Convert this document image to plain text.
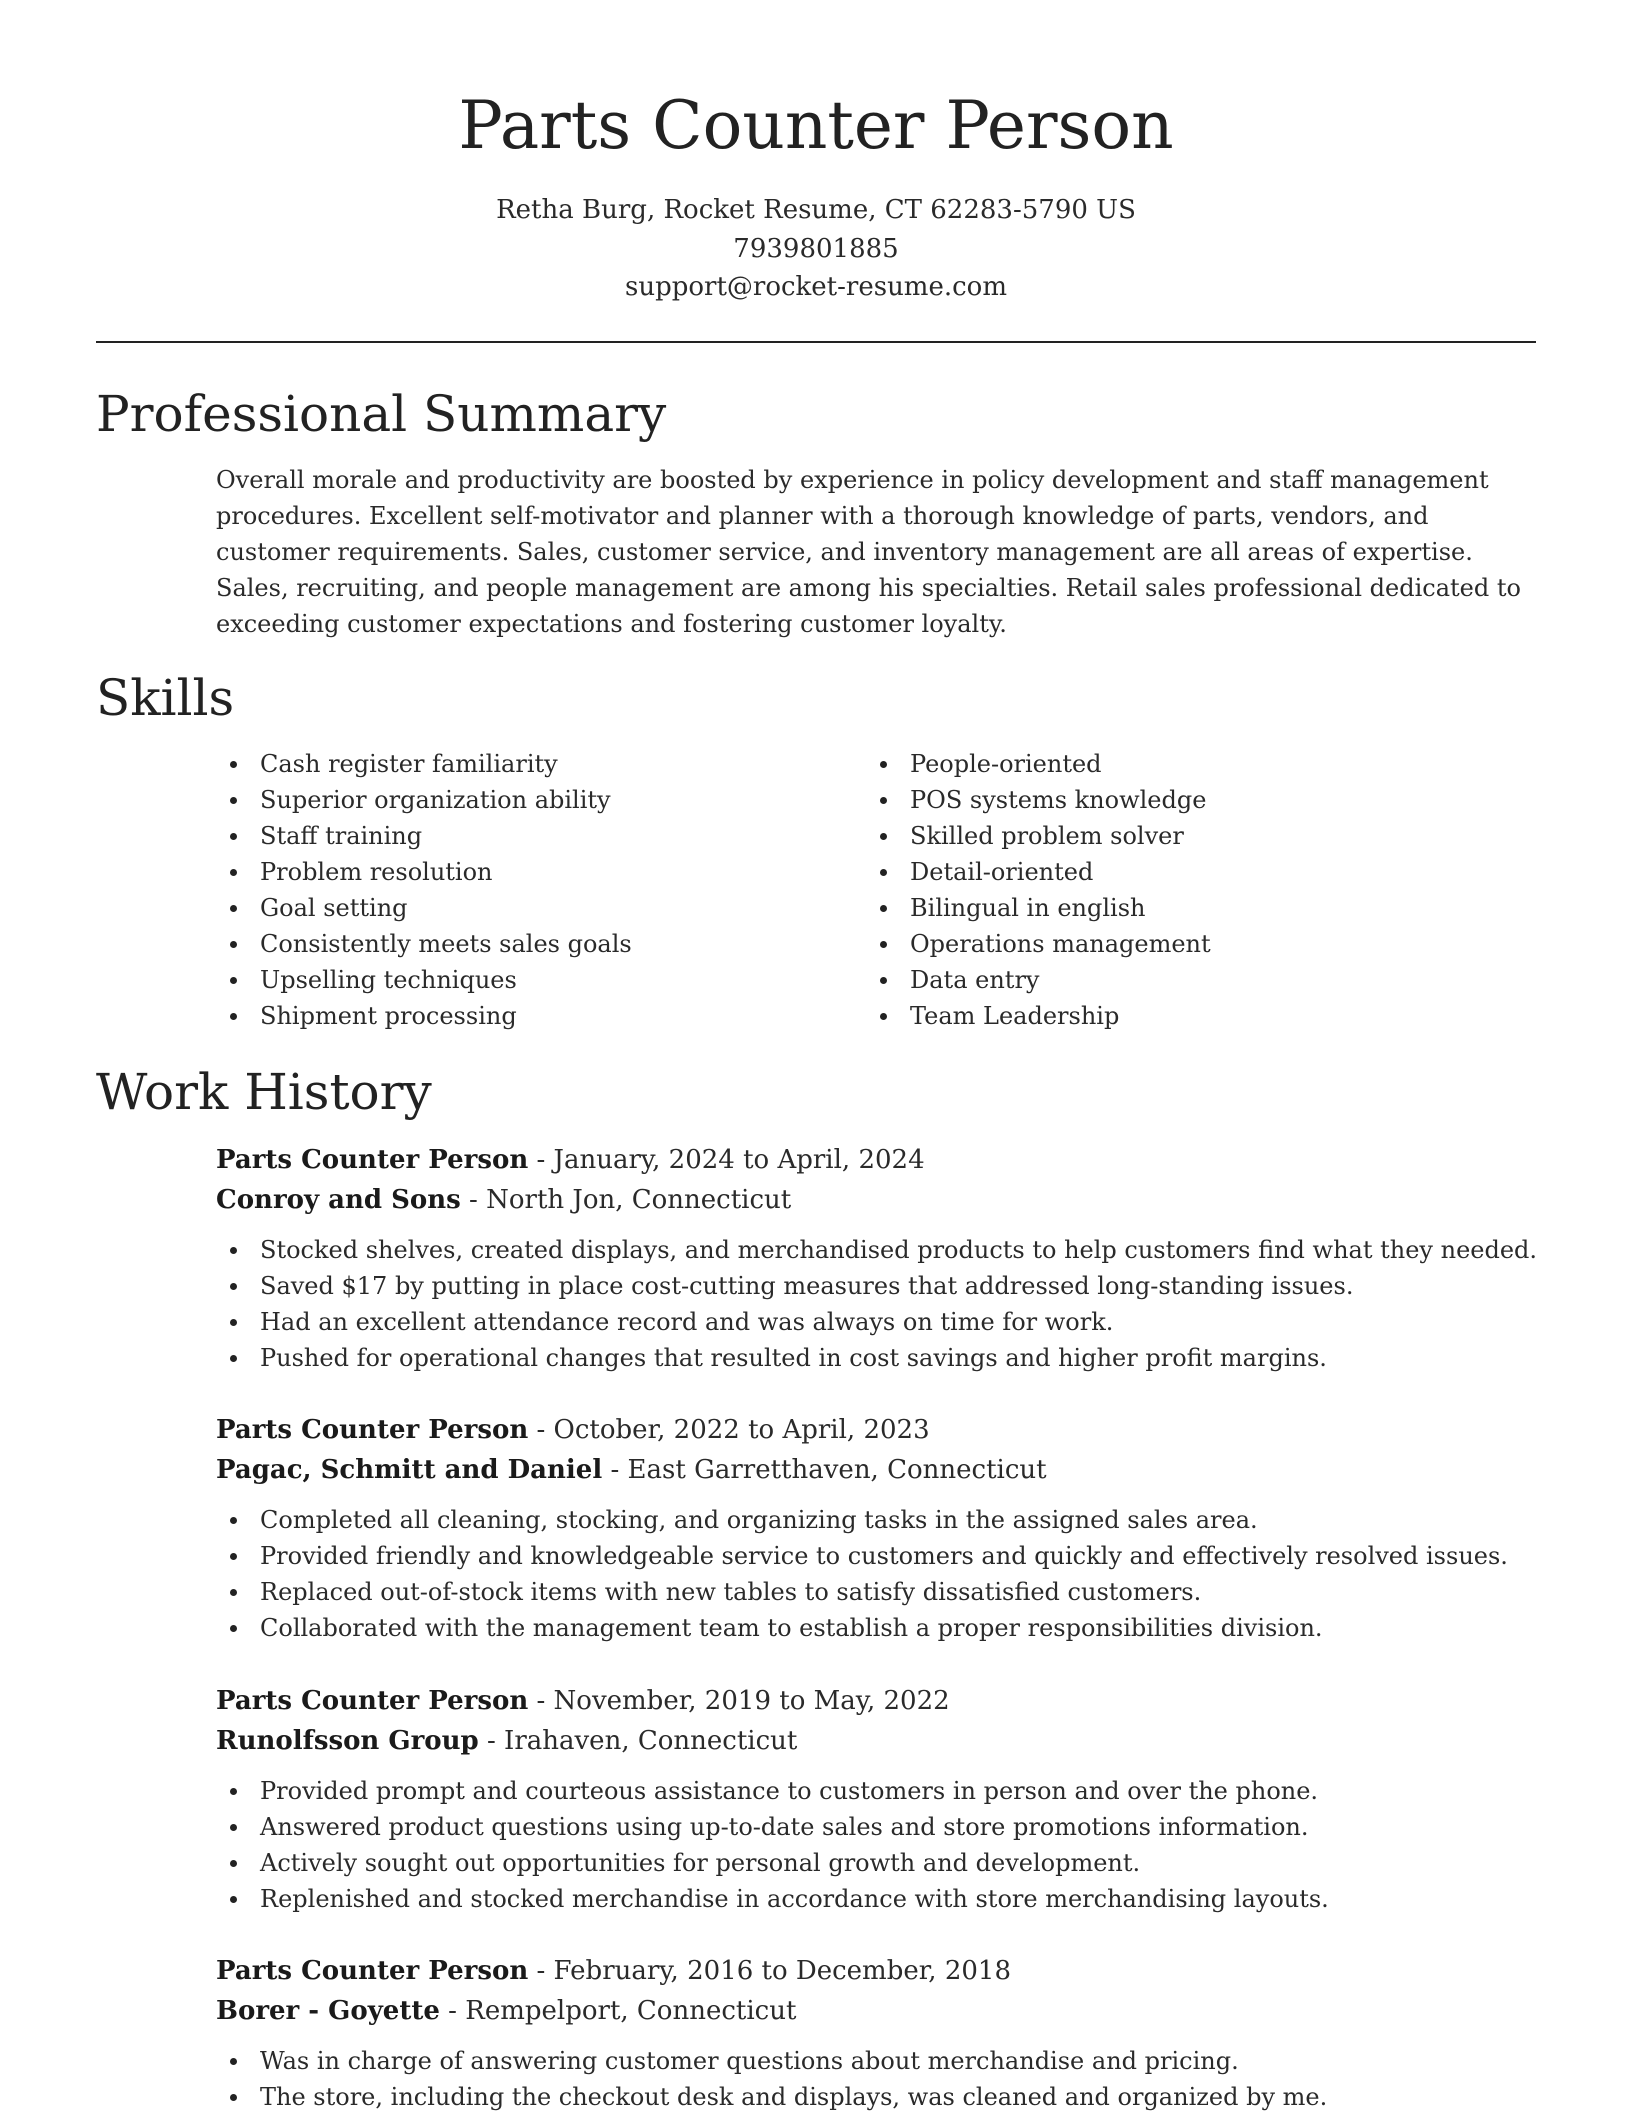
Parts Counter Person
Retha Burg, Rocket Resume, CT 62283-5790 US
7939801885
support@rocket-resume.com
Professional Summary

Overall morale and productivity are boosted by experience in policy development and staff management procedures. Excellent self-motivator and planner with a thorough knowledge of parts, vendors, and customer requirements. Sales, customer service, and inventory management are all areas of expertise. Sales, recruiting, and people management are among his specialties. Retail sales professional dedicated to exceeding customer expectations and fostering customer loyalty.

Skills
Cash register familiarity
Superior organization ability
Staff training
Problem resolution
Goal setting
Consistently meets sales goals
Upselling techniques
Shipment processing
People-oriented
POS systems knowledge
Skilled problem solver
Detail-oriented
Bilingual in english
Operations management
Data entry
Team Leadership
Work History
Parts Counter Person - January, 2024 to April, 2024
Conroy and Sons - North Jon, Connecticut
Stocked shelves, created displays, and merchandised products to help customers find what they needed.
Saved $17 by putting in place cost-cutting measures that addressed long-standing issues.
Had an excellent attendance record and was always on time for work.
Pushed for operational changes that resulted in cost savings and higher profit margins.
Parts Counter Person - October, 2022 to April, 2023
Pagac, Schmitt and Daniel - East Garretthaven, Connecticut
Completed all cleaning, stocking, and organizing tasks in the assigned sales area.
Provided friendly and knowledgeable service to customers and quickly and effectively resolved issues.
Replaced out-of-stock items with new tables to satisfy dissatisfied customers.
Collaborated with the management team to establish a proper responsibilities division.
Parts Counter Person - November, 2019 to May, 2022
Runolfsson Group - Irahaven, Connecticut
Provided prompt and courteous assistance to customers in person and over the phone.
Answered product questions using up-to-date sales and store promotions information.
Actively sought out opportunities for personal growth and development.
Replenished and stocked merchandise in accordance with store merchandising layouts.
Parts Counter Person - February, 2016 to December, 2018
Borer - Goyette - Rempelport, Connecticut
Was in charge of answering customer questions about merchandise and pricing.
The store, including the checkout desk and displays, was cleaned and organized by me.
